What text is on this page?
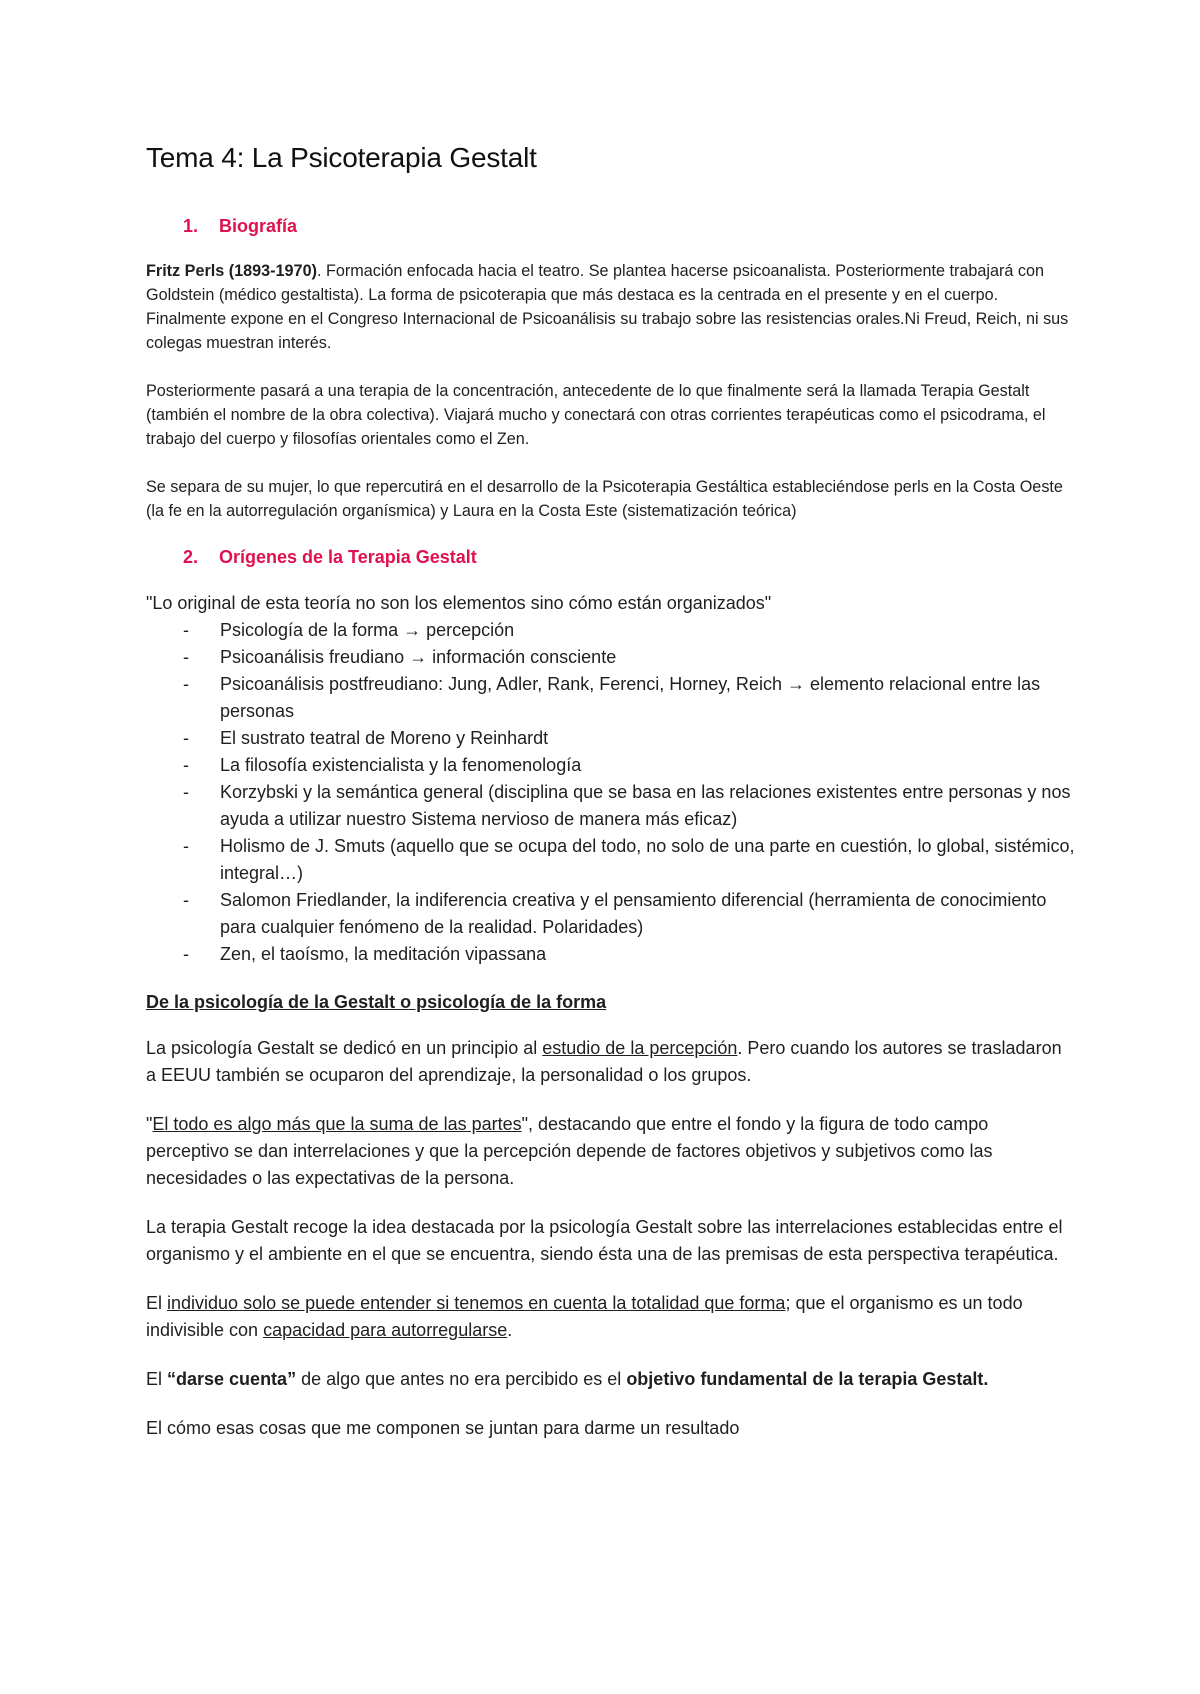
Tema 4: La Psicoterapia Gestalt

1. Biografía

Fritz Perls (1893-1970). Formación enfocada hacia el teatro. Se plantea hacerse psicoanalista. Posteriormente trabajará con Goldstein (médico gestaltista). La forma de psicoterapia que más destaca es la centrada en el presente y en el cuerpo. Finalmente expone en el Congreso Internacional de Psicoanálisis su trabajo sobre las resistencias orales.Ni Freud, Reich, ni sus colegas muestran interés.

Posteriormente pasará a una terapia de la concentración, antecedente de lo que finalmente será la llamada Terapia Gestalt (también el nombre de la obra colectiva). Viajará mucho y conectará con otras corrientes terapéuticas como el psicodrama, el trabajo del cuerpo y filosofías orientales como el Zen.

Se separa de su mujer, lo que repercutirá en el desarrollo de la Psicoterapia Gestáltica estableciéndose perls en la Costa Oeste (la fe en la autorregulación organísmica) y Laura en la Costa Este (sistematización teórica)

2. Orígenes de la Terapia Gestalt

"Lo original de esta teoría no son los elementos sino cómo están organizados"

- Psicología de la forma → percepción
- Psicoanálisis freudiano → información consciente
- Psicoanálisis postfreudiano: Jung, Adler, Rank, Ferenci, Horney, Reich → elemento relacional entre las personas
- El sustrato teatral de Moreno y Reinhardt
- La filosofía existencialista y la fenomenología
- Korzybski y la semántica general (disciplina que se basa en las relaciones existentes entre personas y nos ayuda a utilizar nuestro Sistema nervioso de manera más eficaz)
- Holismo de J. Smuts (aquello que se ocupa del todo, no solo de una parte en cuestión, lo global, sistémico, integral…)
- Salomon Friedlander, la indiferencia creativa y el pensamiento diferencial (herramienta de conocimiento para cualquier fenómeno de la realidad. Polaridades)
- Zen, el taoísmo, la meditación vipassana

De la psicología de la Gestalt o psicología de la forma

La psicología Gestalt se dedicó en un principio al estudio de la percepción. Pero cuando los autores se trasladaron a EEUU también se ocuparon del aprendizaje, la personalidad o los grupos.

"El todo es algo más que la suma de las partes", destacando que entre el fondo y la figura de todo campo perceptivo se dan interrelaciones y que la percepción depende de factores objetivos y subjetivos como las necesidades o las expectativas de la persona.

La terapia Gestalt recoge la idea destacada por la psicología Gestalt sobre las interrelaciones establecidas entre el organismo y el ambiente en el que se encuentra, siendo ésta una de las premisas de esta perspectiva terapéutica.

El individuo solo se puede entender si tenemos en cuenta la totalidad que forma; que el organismo es un todo indivisible con capacidad para autorregularse.

El “darse cuenta” de algo que antes no era percibido es el objetivo fundamental de la terapia Gestalt.

El cómo esas cosas que me componen se juntan para darme un resultado
